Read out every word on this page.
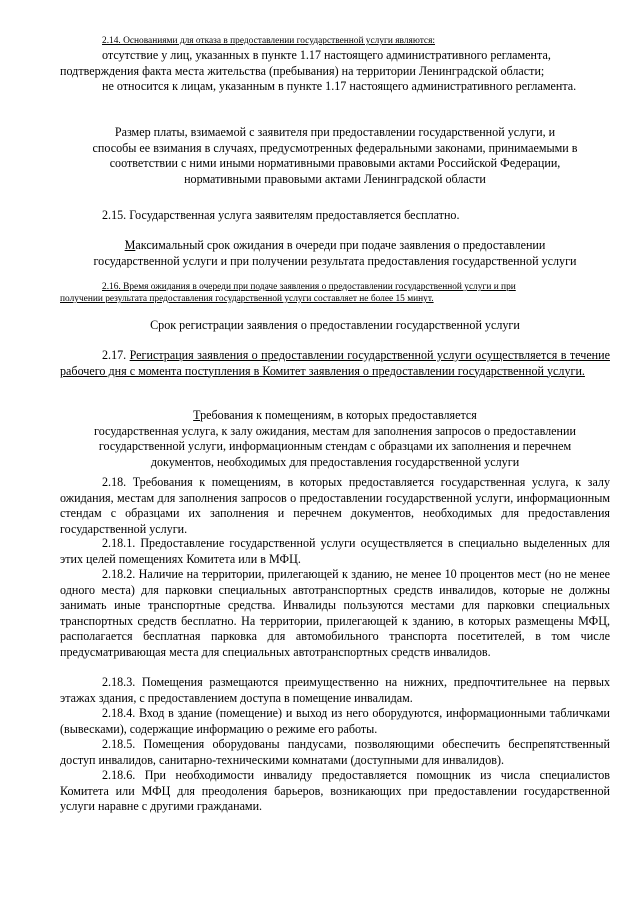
2.14. Основаниями для отказа в предоставлении государственной услуги являются:

отсутствие у лиц, указанных в пункте 1.17 настоящего административного регламента,

подтверждения факта места жительства (пребывания) на территории Ленинградской области;

не относится к лицам, указанным в пункте 1.17 настоящего административного регламента.

Размер платы, взимаемой с заявителя при предоставлении государственной услуги, и

способы ее взимания в случаях, предусмотренных федеральными законами, принимаемыми в

соответствии с ними иными нормативными правовыми актами Российской Федерации,

нормативными правовыми актами Ленинградской области

2.15. Государственная услуга заявителям предоставляется бесплатно.

Максимальный срок ожидания в очереди при подаче заявления о предоставлении

государственной услуги и при получении результата предоставления государственной услуги

2.16. Время ожидания в очереди при подаче заявления о предоставлении государственной услуги и при

получении результата предоставления государственной услуги составляет не более 15 минут.

Срок регистрации заявления о предоставлении государственной услуги

2.17. Регистрация заявления о предоставлении государственной услуги осуществляется в течение рабочего дня с момента поступления в Комитет заявления о предоставлении государственной услуги.

Требования к помещениям, в которых предоставляется

государственная услуга, к залу ожидания, местам для заполнения запросов о предоставлении

государственной услуги, информационным стендам с образцами их заполнения и перечнем

документов, необходимых для предоставления государственной услуги

2.18. Требования к помещениям, в которых предоставляется государственная услуга, к залу ожидания, местам для заполнения запросов о предоставлении государственной услуги, информационным стендам с образцами их заполнения и перечнем документов, необходимых для предоставления государственной услуги.

2.18.1. Предоставление государственной услуги осуществляется в специально выделенных для этих целей помещениях Комитета или в МФЦ.

2.18.2. Наличие на территории, прилегающей к зданию, не менее 10 процентов мест (но не менее одного места) для парковки специальных автотранспортных средств инвалидов, которые не должны занимать иные транспортные средства. Инвалиды пользуются местами для парковки специальных транспортных средств бесплатно. На территории, прилегающей к зданию, в которых размещены МФЦ, располагается бесплатная парковка для автомобильного транспорта посетителей, в том числе предусматривающая места для специальных автотранспортных средств инвалидов.

2.18.3. Помещения размещаются преимущественно на нижних, предпочтительнее на первых этажах здания, с предоставлением доступа в помещение инвалидам.

2.18.4. Вход в здание (помещение) и выход из него оборудуются, информационными табличками (вывесками), содержащие информацию о режиме его работы.

2.18.5. Помещения оборудованы пандусами, позволяющими обеспечить беспрепятственный доступ инвалидов, санитарно-техническими комнатами (доступными для инвалидов).

2.18.6. При необходимости инвалиду предоставляется помощник из числа специалистов Комитета или МФЦ для преодоления барьеров, возникающих при предоставлении государственной услуги наравне с другими гражданами.
